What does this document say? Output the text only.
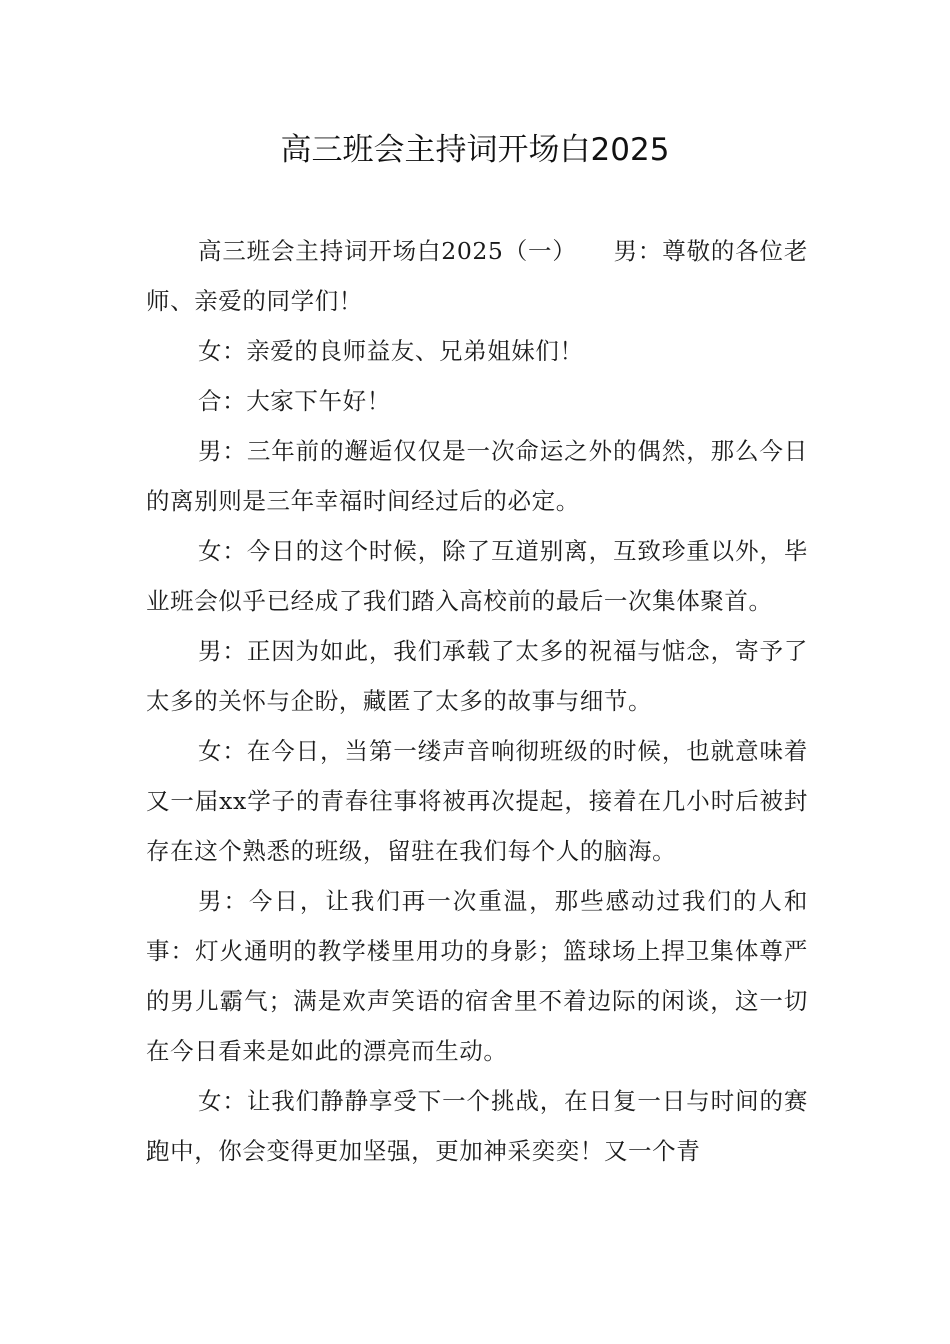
高三班会主持词开场白2025

高三班会主持词开场白2025（一）　　男：尊敬的各位老师、亲爱的同学们！

女：亲爱的良师益友、兄弟姐妹们！

合：大家下午好！

男：三年前的邂逅仅仅是一次命运之外的偶然，那么今日的离别则是三年幸福时间经过后的必定。

女：今日的这个时候，除了互道别离，互致珍重以外，毕业班会似乎已经成了我们踏入高校前的最后一次集体聚首。

男：正因为如此，我们承载了太多的祝福与惦念，寄予了太多的关怀与企盼，藏匿了太多的故事与细节。

女：在今日，当第一缕声音响彻班级的时候，也就意味着又一届xx学子的青春往事将被再次提起，接着在几小时后被封存在这个熟悉的班级，留驻在我们每个人的脑海。

男：今日，让我们再一次重温，那些感动过我们的人和事：灯火通明的教学楼里用功的身影；篮球场上捍卫集体尊严的男儿霸气；满是欢声笑语的宿舍里不着边际的闲谈，这一切在今日看来是如此的漂亮而生动。

女：让我们静静享受下一个挑战，在日复一日与时间的赛跑中，你会变得更加坚强，更加神采奕奕！又一个青
